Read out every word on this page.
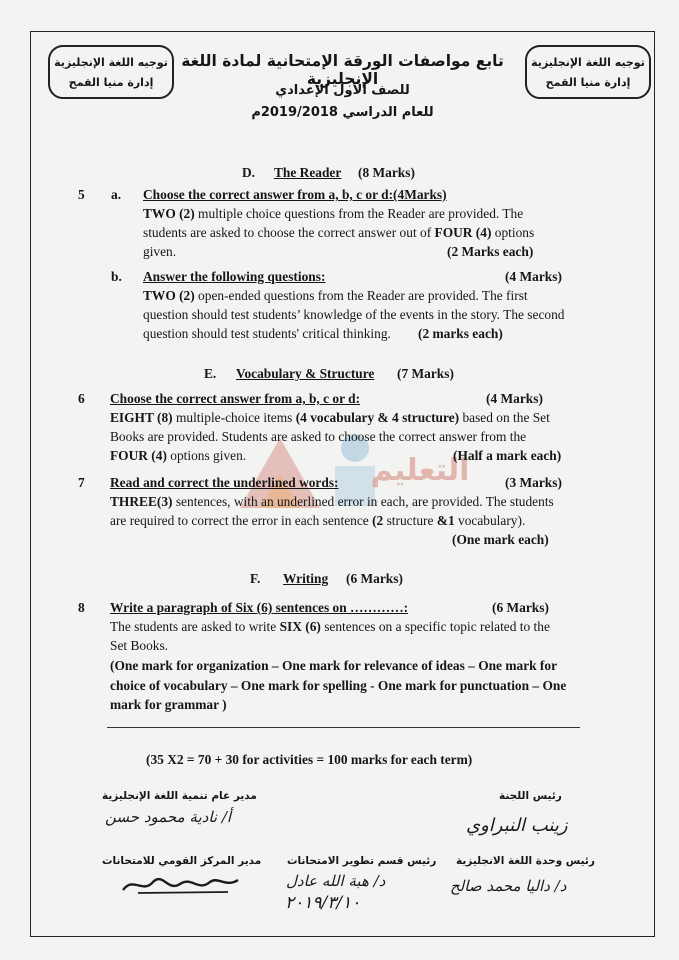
توجيه اللغة الإنجليزية
إدارة منيا القمح
توجيه اللغة الإنجليزية
إدارة منيا القمح
تابع مواصفات الورقة الإمتحانية لمادة اللغة الإنجليزية
للصف الأول الإعدادي
للعام الدراسي 2019/2018م
التعليم
D. The Reader (8 Marks)
5 a. Choose the correct answer from a, b, c or d:(4Marks)
TWO (2) multiple choice questions from the Reader are provided. The
students are asked to choose the correct answer out of FOUR (4) options
given.	(2 Marks each)
b. Answer the following questions:	(4 Marks)
TWO (2) open-ended questions from the Reader are provided. The first
question should test students’ knowledge of the events in the story. The second
question should test students' critical thinking. (2 marks each)
E. Vocabulary & Structure (7 Marks)
6 Choose the correct answer from a, b, c or d:	(4 Marks)
EIGHT (8) multiple-choice items (4 vocabulary & 4 structure) based on the Set
Books are provided. Students are asked to choose the correct answer from the
FOUR (4) options given.	(Half a mark each)
7 Read and correct the underlined words:	(3 Marks)
THREE(3) sentences, with an underlined error in each, are provided. The students
are required to correct the error in each sentence (2 structure &1 vocabulary).
(One mark each)
F. Writing (6 Marks)
8 Write a paragraph of Six (6) sentences on …………:	(6 Marks)
The students are asked to write SIX (6) sentences on a specific topic related to the
Set Books.
(One mark for organization – One mark for relevance of ideas – One mark for choice of vocabulary – One mark for spelling - One mark for punctuation – One mark for grammar )
(35 X2 = 70 + 30 for activities = 100 marks for each term)
مدير عام تنمية اللغة الإنجليزية
أ/ نادية محمود حسن
رئيس اللجنة
زينب النبراوي
مدير المركز القومي للامتحانات رئيس قسم تطوير الامتحانات
د/ هبة الله عادل
٢٠١٩/٣/١٠
رئيس وحدة اللغة الانجليزية
د/ داليا محمد صالح
